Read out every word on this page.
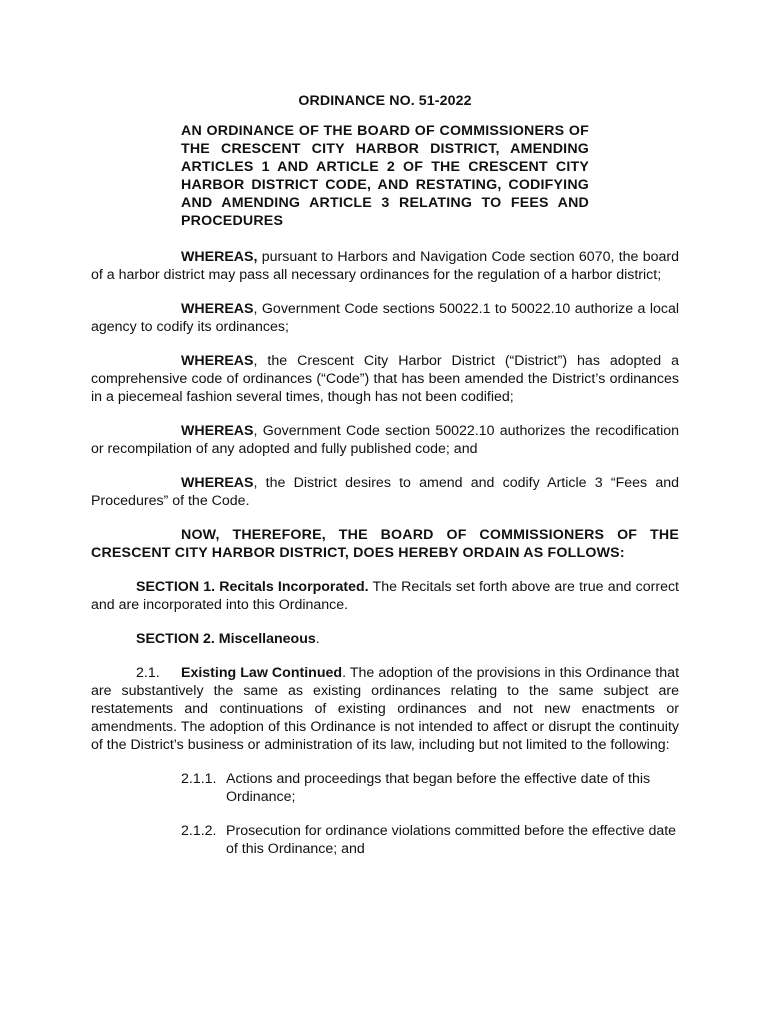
ORDINANCE NO. 51-2022
AN ORDINANCE OF THE BOARD OF COMMISSIONERS OF THE CRESCENT CITY HARBOR DISTRICT, AMENDING ARTICLES 1 AND ARTICLE 2 OF THE CRESCENT CITY HARBOR DISTRICT CODE, AND RESTATING, CODIFYING AND AMENDING ARTICLE 3 RELATING TO FEES AND PROCEDURES

WHEREAS, pursuant to Harbors and Navigation Code section 6070, the board of a harbor district may pass all necessary ordinances for the regulation of a harbor district;

WHEREAS, Government Code sections 50022.1 to 50022.10 authorize a local agency to codify its ordinances;

WHEREAS, the Crescent City Harbor District (“District”) has adopted a comprehensive code of ordinances (“Code”) that has been amended the District’s ordinances in a piecemeal fashion several times, though has not been codified;

WHEREAS, Government Code section 50022.10 authorizes the recodification or recompilation of any adopted and fully published code; and

WHEREAS, the District desires to amend and codify Article 3 “Fees and Procedures” of the Code.

NOW, THEREFORE, THE BOARD OF COMMISSIONERS OF THE CRESCENT CITY HARBOR DISTRICT, DOES HEREBY ORDAIN AS FOLLOWS:

SECTION 1. Recitals Incorporated. The Recitals set forth above are true and correct and are incorporated into this Ordinance.

SECTION 2. Miscellaneous.

2.1. Existing Law Continued. The adoption of the provisions in this Ordinance that are substantively the same as existing ordinances relating to the same subject are restatements and continuations of existing ordinances and not new enactments or amendments. The adoption of this Ordinance is not intended to affect or disrupt the continuity of the District’s business or administration of its law, including but not limited to the following:

2.1.1. Actions and proceedings that began before the effective date of this Ordinance;
2.1.2. Prosecution for ordinance violations committed before the effective date of this Ordinance; and
